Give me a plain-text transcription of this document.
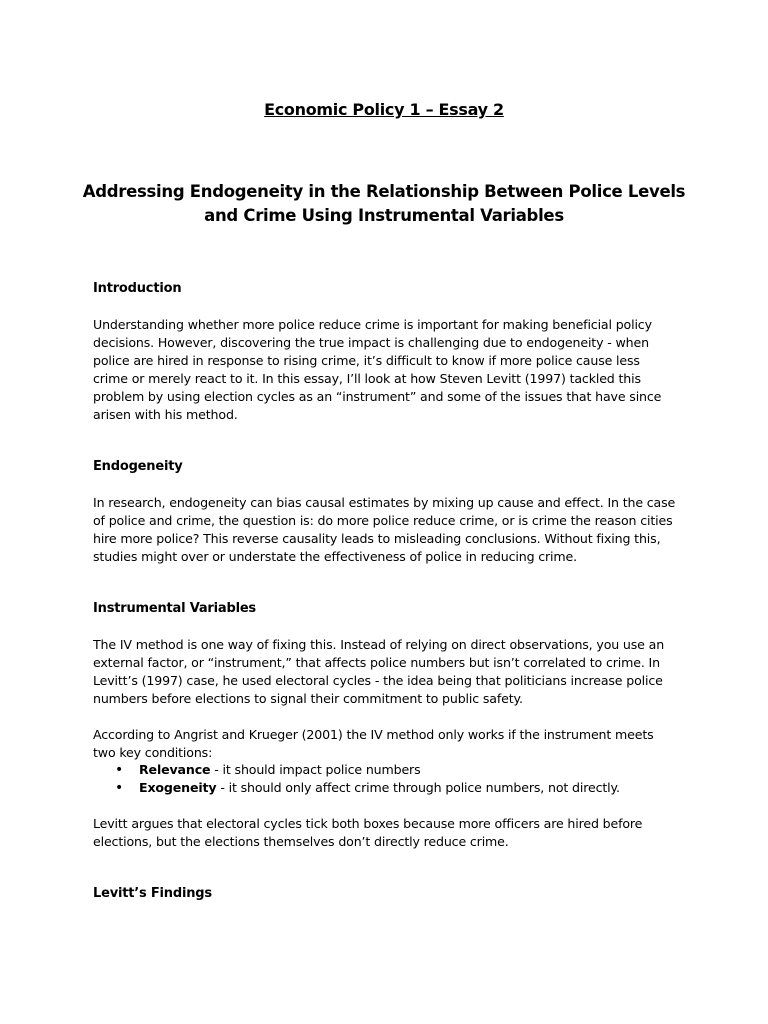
Economic Policy 1 – Essay 2
Addressing Endogeneity in the Relationship Between Police Levels and Crime Using Instrumental Variables
Introduction
Understanding whether more police reduce crime is important for making beneficial policy decisions. However, discovering the true impact is challenging due to endogeneity - when police are hired in response to rising crime, it’s difficult to know if more police cause less crime or merely react to it. In this essay, I’ll look at how Steven Levitt (1997) tackled this problem by using election cycles as an “instrument” and some of the issues that have since arisen with his method.
Endogeneity
In research, endogeneity can bias causal estimates by mixing up cause and effect. In the case of police and crime, the question is: do more police reduce crime, or is crime the reason cities hire more police? This reverse causality leads to misleading conclusions. Without fixing this, studies might over or understate the effectiveness of police in reducing crime.
Instrumental Variables
The IV method is one way of fixing this. Instead of relying on direct observations, you use an external factor, or “instrument,” that affects police numbers but isn’t correlated to crime. In Levitt’s (1997) case, he used electoral cycles - the idea being that politicians increase police numbers before elections to signal their commitment to public safety.
According to Angrist and Krueger (2001) the IV method only works if the instrument meets two key conditions:
• Relevance - it should impact police numbers
• Exogeneity - it should only affect crime through police numbers, not directly.
Levitt argues that electoral cycles tick both boxes because more officers are hired before elections, but the elections themselves don’t directly reduce crime.
Levitt’s Findings
